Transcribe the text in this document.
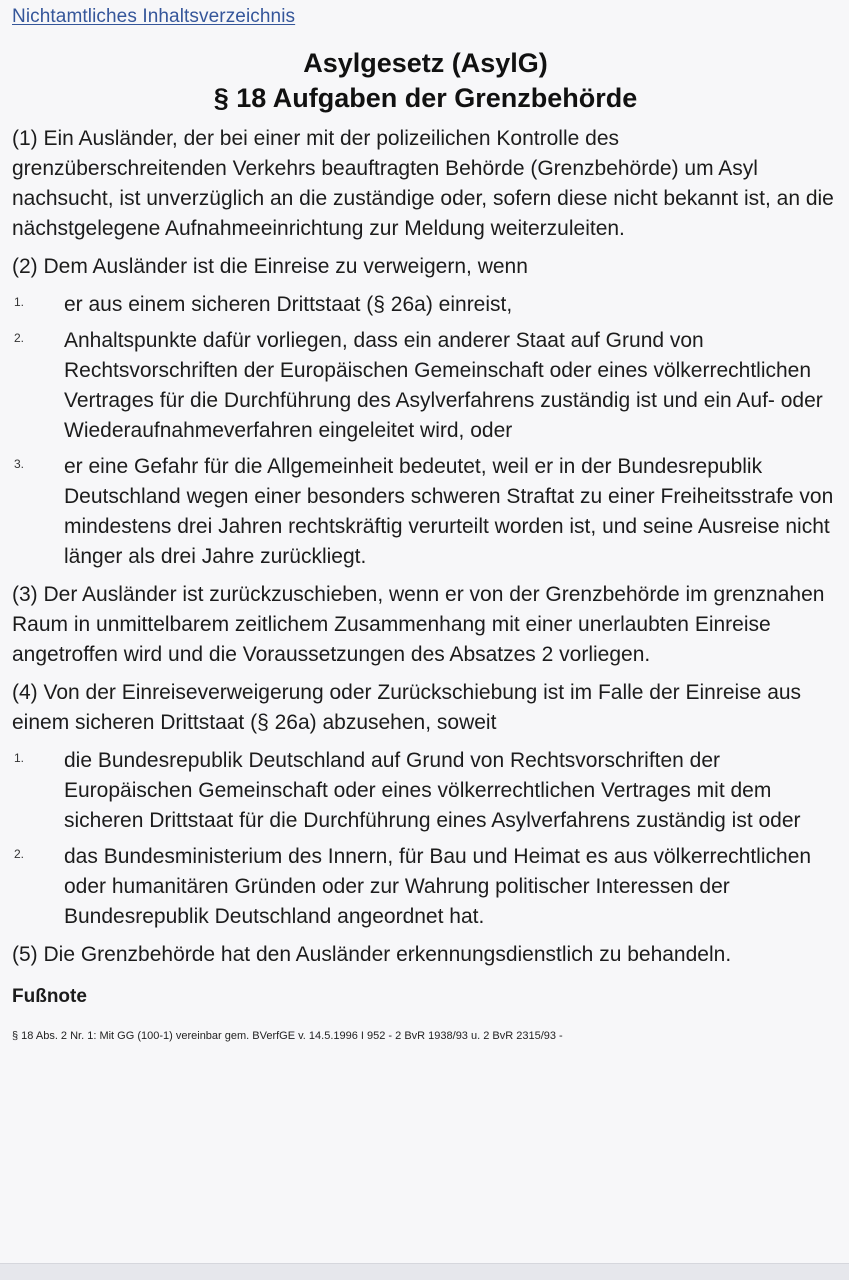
Nichtamtliches Inhaltsverzeichnis
Asylgesetz (AsylG)
§ 18 Aufgaben der Grenzbehörde

(1) Ein Ausländer, der bei einer mit der polizeilichen Kontrolle des grenzüberschreitenden Verkehrs beauftragten Behörde (Grenzbehörde) um Asyl nachsucht, ist unverzüglich an die zuständige oder, sofern diese nicht bekannt ist, an die nächstgelegene Aufnahmeeinrichtung zur Meldung weiterzuleiten.

(2) Dem Ausländer ist die Einreise zu verweigern, wenn

1. er aus einem sicheren Drittstaat (§ 26a) einreist,
2. Anhaltspunkte dafür vorliegen, dass ein anderer Staat auf Grund von Rechtsvorschriften der Europäischen Gemeinschaft oder eines völkerrechtlichen Vertrages für die Durchführung des Asylverfahrens zuständig ist und ein Auf- oder Wiederaufnahmeverfahren eingeleitet wird, oder
3. er eine Gefahr für die Allgemeinheit bedeutet, weil er in der Bundesrepublik Deutschland wegen einer besonders schweren Straftat zu einer Freiheitsstrafe von mindestens drei Jahren rechtskräftig verurteilt worden ist, und seine Ausreise nicht länger als drei Jahre zurückliegt.

(3) Der Ausländer ist zurückzuschieben, wenn er von der Grenzbehörde im grenznahen Raum in unmittelbarem zeitlichem Zusammenhang mit einer unerlaubten Einreise angetroffen wird und die Voraussetzungen des Absatzes 2 vorliegen.

(4) Von der Einreiseverweigerung oder Zurückschiebung ist im Falle der Einreise aus einem sicheren Drittstaat (§ 26a) abzusehen, soweit

1. die Bundesrepublik Deutschland auf Grund von Rechtsvorschriften der Europäischen Gemeinschaft oder eines völkerrechtlichen Vertrages mit dem sicheren Drittstaat für die Durchführung eines Asylverfahrens zuständig ist oder
2. das Bundesministerium des Innern, für Bau und Heimat es aus völkerrechtlichen oder humanitären Gründen oder zur Wahrung politischer Interessen der Bundesrepublik Deutschland angeordnet hat.

(5) Die Grenzbehörde hat den Ausländer erkennungsdienstlich zu behandeln.

Fußnote
§ 18 Abs. 2 Nr. 1: Mit GG (100-1) vereinbar gem. BVerfGE v. 14.5.1996 I 952 - 2 BvR 1938/93 u. 2 BvR 2315/93 -
